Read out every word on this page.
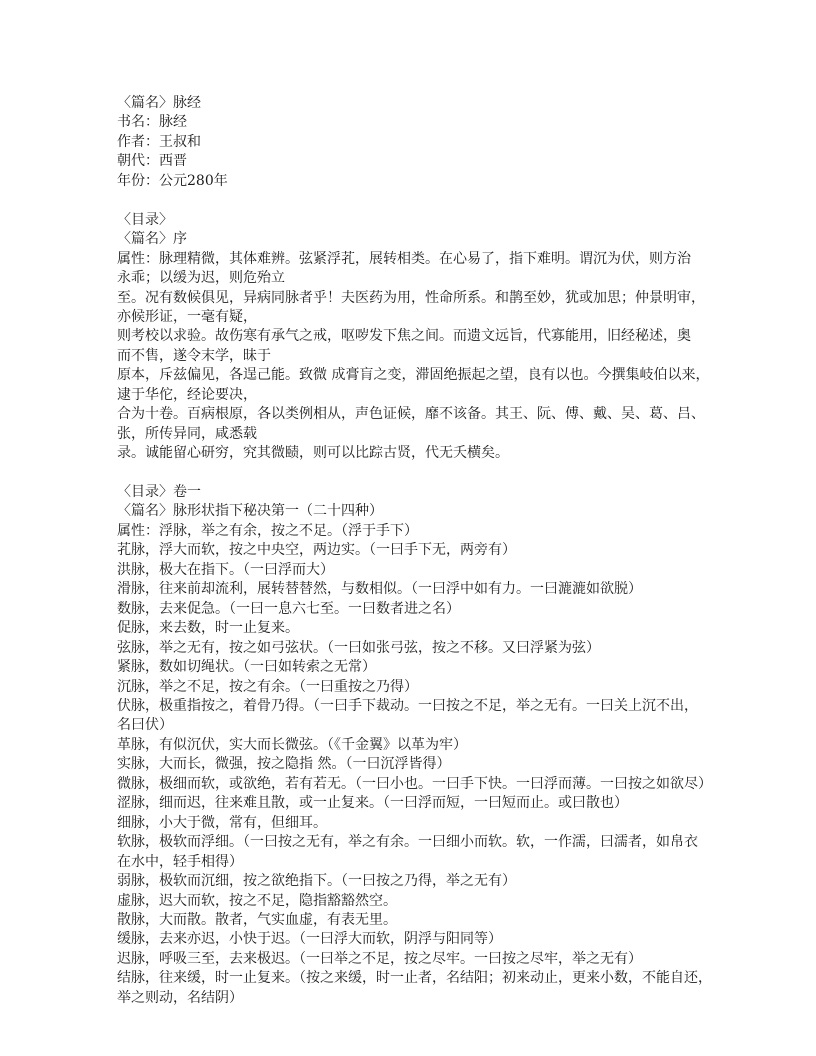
〈篇名〉脉经
书名：脉经
作者：王叔和
朝代：西晋
年份：公元280年
〈目录〉
〈篇名〉序
属性：脉理精微，其体难辨。弦紧浮芤，展转相类。在心易了，指下难明。谓沉为伏，则方治
永乖；以缓为迟，则危殆立
至。况有数候俱见，异病同脉者乎！夫医药为用，性命所系。和鹊至妙，犹或加思；仲景明审，
亦候形证，一毫有疑，
则考校以求验。故伤寒有承气之戒，呕哕发下焦之间。而遗文远旨，代寡能用，旧经秘述，奥
而不售，遂令末学，昧于
原本，斥兹偏见，各逞己能。致微 成膏肓之变，滞固绝振起之望，良有以也。今撰集岐伯以来，
逮于华佗，经论要决，
合为十卷。百病根原，各以类例相从，声色证候，靡不该备。其王、阮、傅、戴、吴、葛、吕、
张，所传异同，咸悉载
录。诚能留心研穷，究其微赜，则可以比踪古贤，代无夭横矣。
〈目录〉卷一
〈篇名〉脉形状指下秘决第一（二十四种）
属性：浮脉，举之有余，按之不足。（浮于手下）
芤脉，浮大而软，按之中央空，两边实。（一曰手下无，两旁有）
洪脉，极大在指下。（一曰浮而大）
滑脉，往来前却流利，展转替替然，与数相似。（一曰浮中如有力。一曰漉漉如欲脱）
数脉，去来促急。（一曰一息六七至。一曰数者进之名）
促脉，来去数，时一止复来。
弦脉，举之无有，按之如弓弦状。（一曰如张弓弦，按之不移。又曰浮紧为弦）
紧脉，数如切绳状。（一曰如转索之无常）
沉脉，举之不足，按之有余。（一曰重按之乃得）
伏脉，极重指按之，着骨乃得。（一曰手下裁动。一曰按之不足，举之无有。一曰关上沉不出，
名曰伏）
革脉，有似沉伏，实大而长微弦。（《千金翼》以革为牢）
实脉，大而长，微强，按之隐指 然。（一曰沉浮皆得）
微脉，极细而软，或欲绝，若有若无。（一曰小也。一曰手下快。一曰浮而薄。一曰按之如欲尽）
涩脉，细而迟，往来难且散，或一止复来。（一曰浮而短，一曰短而止。或曰散也）
细脉，小大于微，常有，但细耳。
软脉，极软而浮细。（一曰按之无有，举之有余。一曰细小而软。软，一作濡，曰濡者，如帛衣
在水中，轻手相得）
弱脉，极软而沉细，按之欲绝指下。（一曰按之乃得，举之无有）
虚脉，迟大而软，按之不足，隐指豁豁然空。
散脉，大而散。散者，气实血虚，有表无里。
缓脉，去来亦迟，小快于迟。（一曰浮大而软，阴浮与阳同等）
迟脉，呼吸三至，去来极迟。（一曰举之不足，按之尽牢。一曰按之尽牢，举之无有）
结脉，往来缓，时一止复来。（按之来缓，时一止者，名结阳；初来动止，更来小数，不能自还，
举之则动，名结阴）
